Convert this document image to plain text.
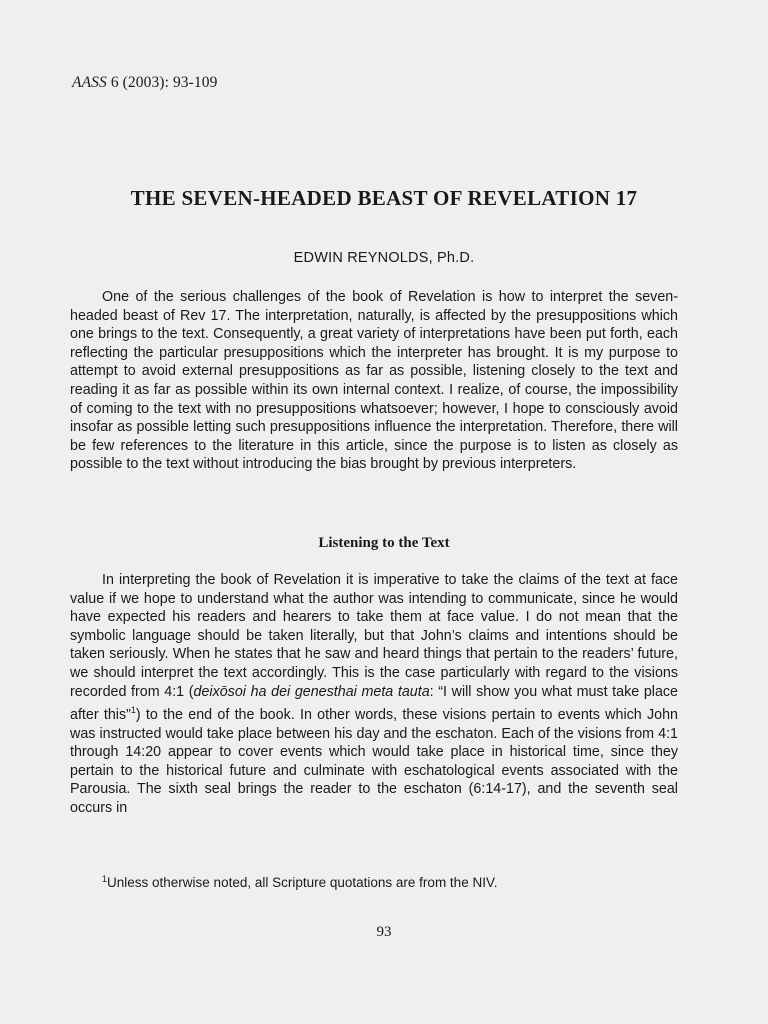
AASS 6 (2003): 93-109
THE SEVEN-HEADED BEAST OF REVELATION 17
EDWIN REYNOLDS, Ph.D.

One of the serious challenges of the book of Revelation is how to interpret the seven-headed beast of Rev 17. The interpretation, naturally, is affected by the presuppositions which one brings to the text. Consequently, a great variety of interpretations have been put forth, each reflecting the particular presuppositions which the interpreter has brought. It is my purpose to attempt to avoid external presuppositions as far as possible, listening closely to the text and reading it as far as possible within its own internal context. I realize, of course, the impossibility of coming to the text with no presuppositions whatsoever; however, I hope to consciously avoid insofar as possible letting such presuppositions influence the interpretation. Therefore, there will be few references to the literature in this article, since the purpose is to listen as closely as possible to the text without introducing the bias brought by previous interpreters.

Listening to the Text

In interpreting the book of Revelation it is imperative to take the claims of the text at face value if we hope to understand what the author was intending to communicate, since he would have expected his readers and hearers to take them at face value. I do not mean that the symbolic language should be taken literally, but that John’s claims and intentions should be taken seriously. When he states that he saw and heard things that pertain to the readers’ future, we should interpret the text accordingly. This is the case particularly with regard to the visions recorded from 4:1 (deixōsoi ha dei genesthai meta tauta: “I will show you what must take place after this”$^1$) to the end of the book. In other words, these visions pertain to events which John was instructed would take place between his day and the eschaton. Each of the visions from 4:1 through 14:20 appear to cover events which would take place in historical time, since they pertain to the historical future and culminate with eschatological events associated with the Parousia. The sixth seal brings the reader to the eschaton (6:14-17), and the seventh seal occurs in

$^1$Unless otherwise noted, all Scripture quotations are from the NIV.
93
